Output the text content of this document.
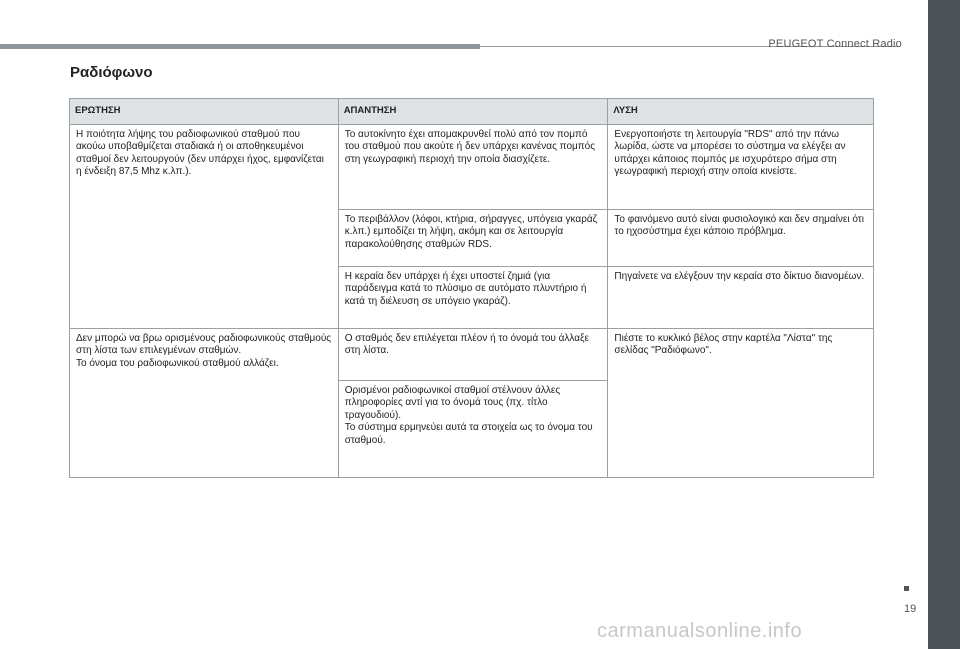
PEUGEOT Connect Radio
Ραδιόφωνο
ΕΡΩΤΗΣΗ	ΑΠΑΝΤΗΣΗ	ΛΥΣΗ
Η ποιότητα λήψης του ραδιοφωνικού σταθμού που ακούω υποβαθμίζεται σταδιακά ή οι αποθηκευμένοι σταθμοί δεν λειτουργούν (δεν υπάρχει ήχος, εμφανίζεται η ένδειξη 87,5 Mhz κ.λπ.).	Το αυτοκίνητο έχει απομακρυνθεί πολύ από τον πομπό του σταθμού που ακούτε ή δεν υπάρχει κανένας πομπός στη γεωγραφική περιοχή την οποία διασχίζετε.	Ενεργοποιήστε τη λειτουργία "RDS" από την πάνω λωρίδα, ώστε να μπορέσει το σύστημα να ελέγξει αν υπάρχει κάποιος πομπός με ισχυρότερο σήμα στη γεωγραφική περιοχή στην οποία κινείστε.
	Το περιβάλλον (λόφοι, κτήρια, σήραγγες, υπόγεια γκαράζ κ.λπ.) εμποδίζει τη λήψη, ακόμη και σε λειτουργία παρακολούθησης σταθμών RDS.	Το φαινόμενο αυτό είναι φυσιολογικό και δεν σημαίνει ότι το ηχοσύστημα έχει κάποιο πρόβλημα.
	Η κεραία δεν υπάρχει ή έχει υποστεί ζημιά (για παράδειγμα κατά το πλύσιμο σε αυτόματο πλυντήριο ή κατά τη διέλευση σε υπόγειο γκαράζ).	Πηγαίνετε να ελέγξουν την κεραία στο δίκτυο διανομέων.
Δεν μπορώ να βρω ορισμένους ραδιοφωνικούς σταθμούς στη λίστα των επιλεγμένων σταθμών.
Το όνομα του ραδιοφωνικού σταθμού αλλάζει.	Ο σταθμός δεν επιλέγεται πλέον ή το όνομά του άλλαξε στη λίστα.	Πιέστε το κυκλικό βέλος στην καρτέλα "Λίστα" της σελίδας "Ραδιόφωνο".
	Ορισμένοι ραδιοφωνικοί σταθμοί στέλνουν άλλες πληροφορίες αντί για το όνομά τους (πχ. τίτλο τραγουδιού).
Το σύστημα ερμηνεύει αυτά τα στοιχεία ως το όνομα του σταθμού.	
19
carmanualsonline.info
